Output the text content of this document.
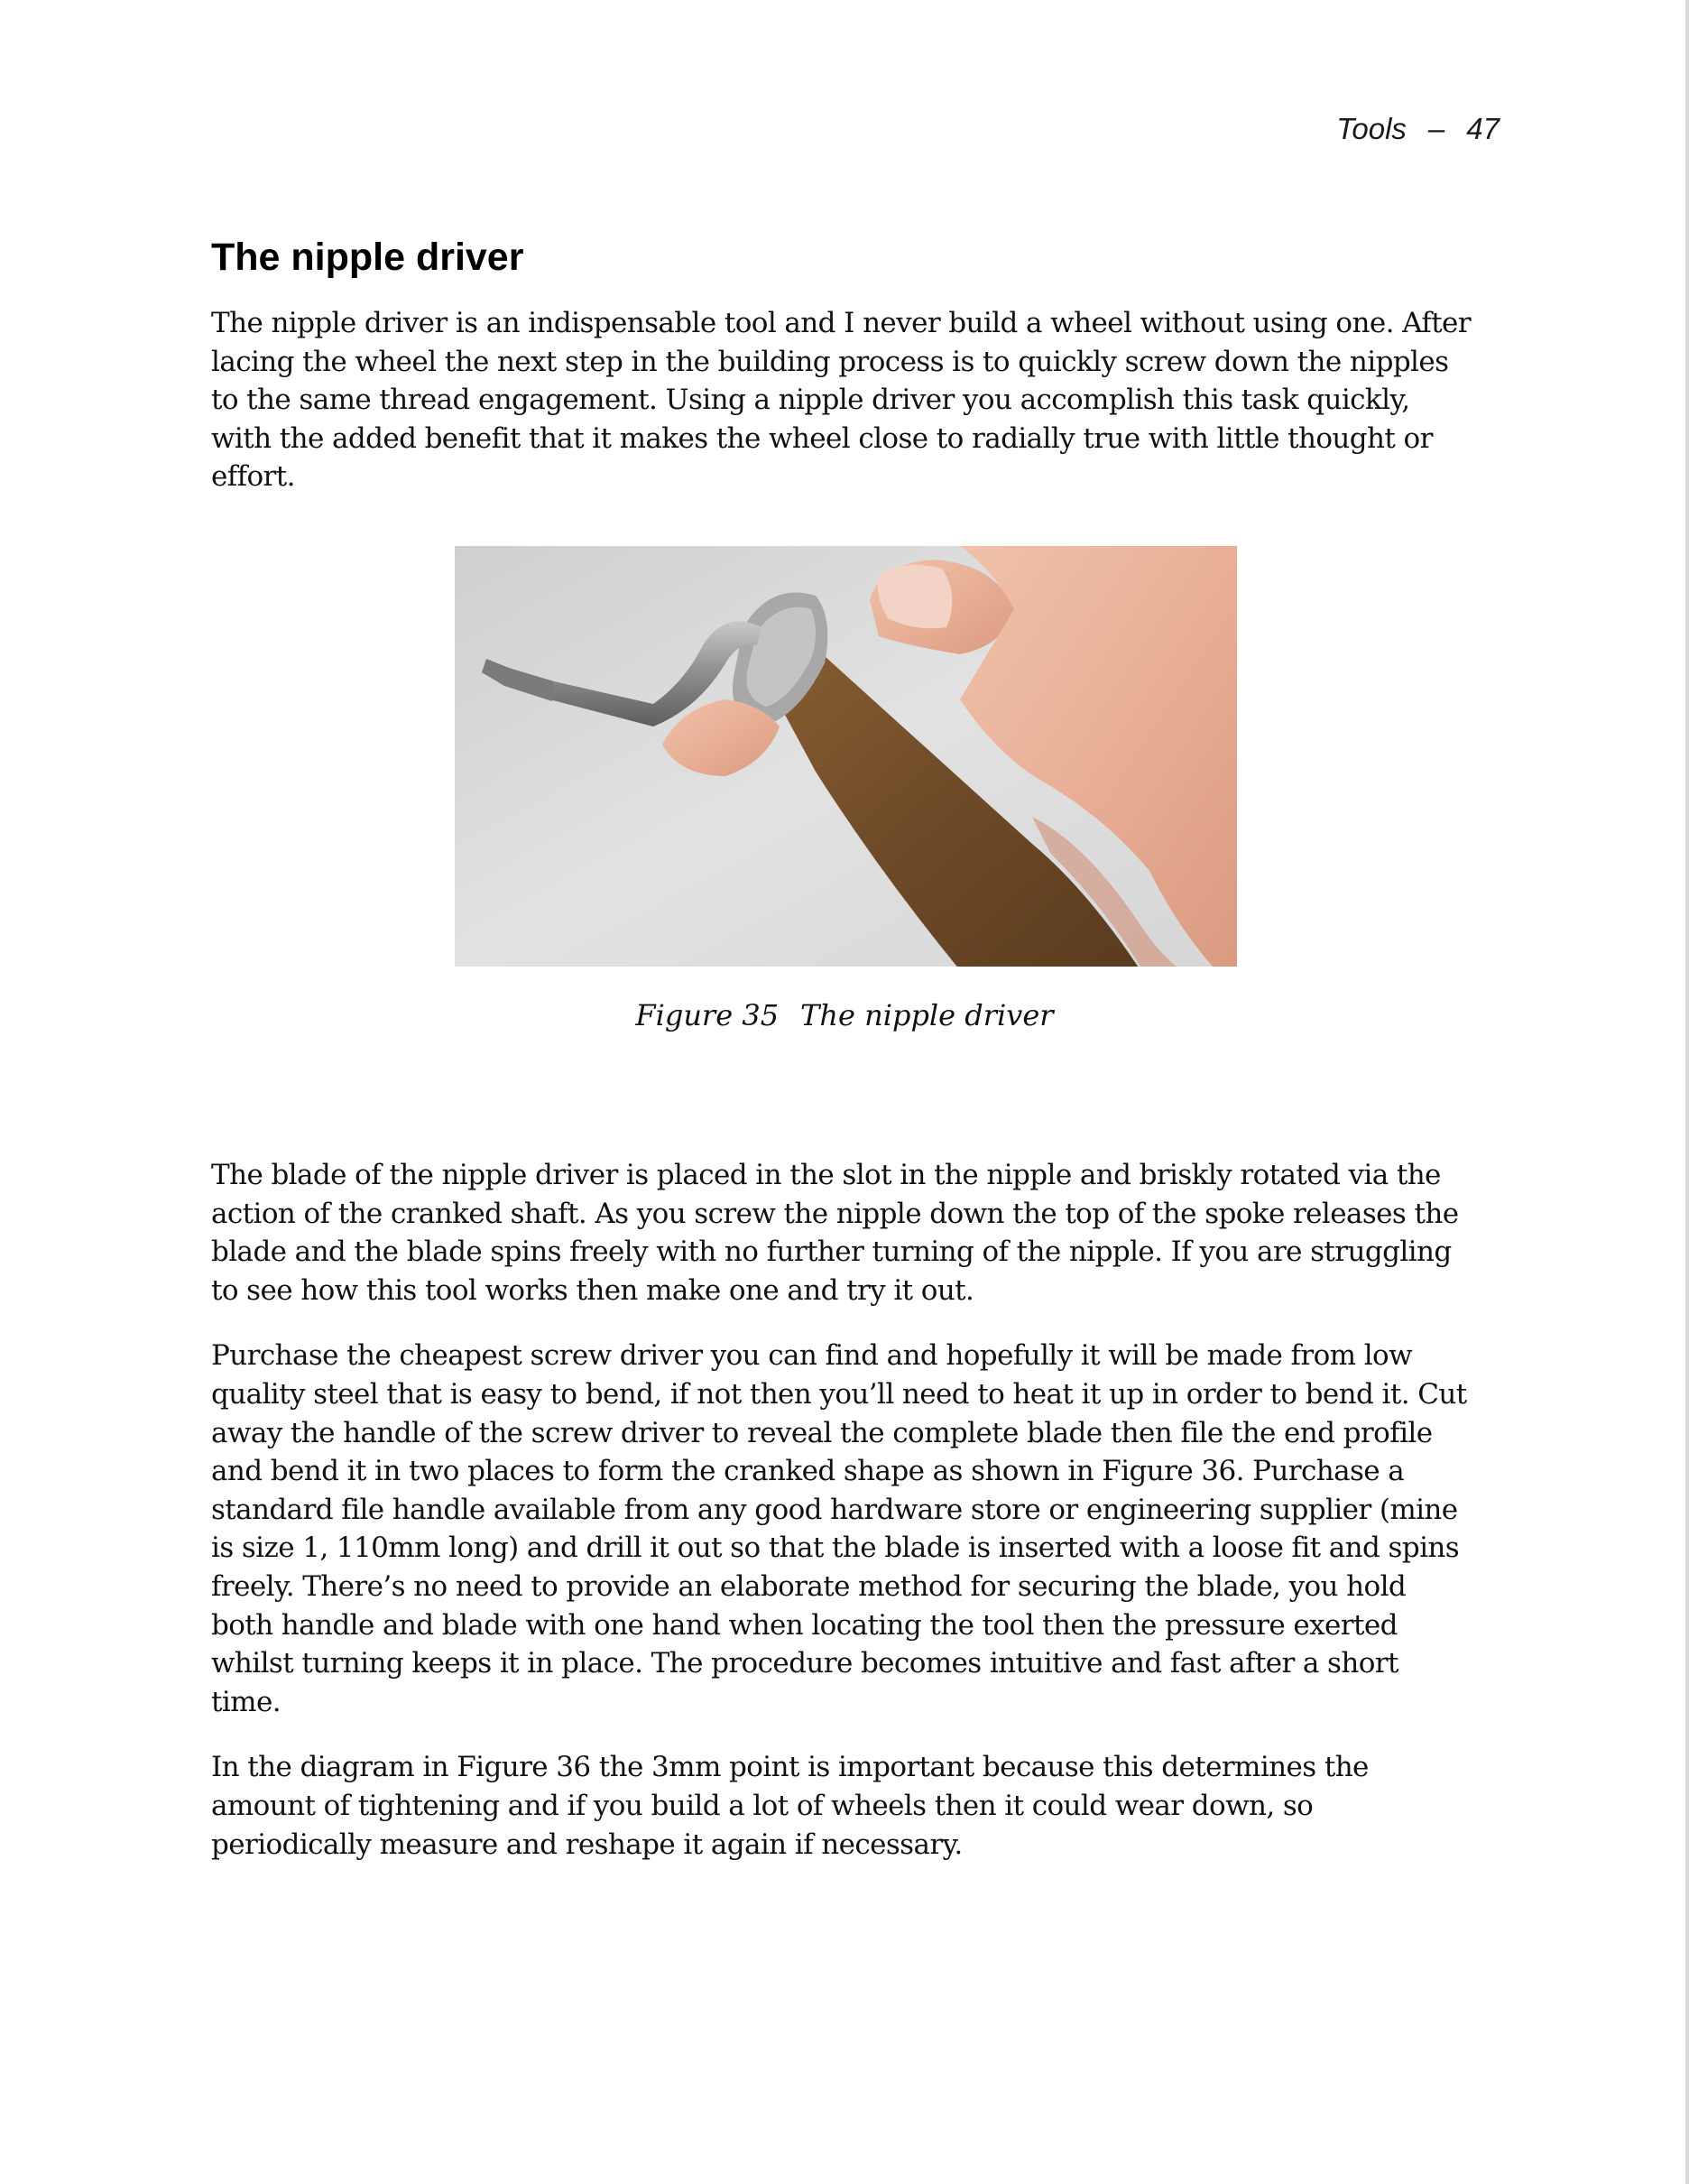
Tools – 47
The nipple driver

The nipple driver is an indispensable tool and I never build a wheel without using one. After lacing the wheel the next step in the building process is to quickly screw down the nipples to the same thread engagement. Using a nipple driver you accomplish this task quickly, with the added benefit that it makes the wheel close to radially true with little thought or effort.

Figure 35 The nipple driver

The blade of the nipple driver is placed in the slot in the nipple and briskly rotated via the action of the cranked shaft. As you screw the nipple down the top of the spoke releases the blade and the blade spins freely with no further turning of the nipple. If you are struggling to see how this tool works then make one and try it out.

Purchase the cheapest screw driver you can find and hopefully it will be made from low quality steel that is easy to bend, if not then you’ll need to heat it up in order to bend it. Cut away the handle of the screw driver to reveal the complete blade then file the end profile and bend it in two places to form the cranked shape as shown in Figure 36. Purchase a standard file handle available from any good hardware store or engineering supplier (mine is size 1, 110mm long) and drill it out so that the blade is inserted with a loose fit and spins freely. There’s no need to provide an elaborate method for securing the blade, you hold both handle and blade with one hand when locating the tool then the pressure exerted whilst turning keeps it in place. The procedure becomes intuitive and fast after a short time.

In the diagram in Figure 36 the 3mm point is important because this determines the amount of tightening and if you build a lot of wheels then it could wear down, so periodically measure and reshape it again if necessary.
